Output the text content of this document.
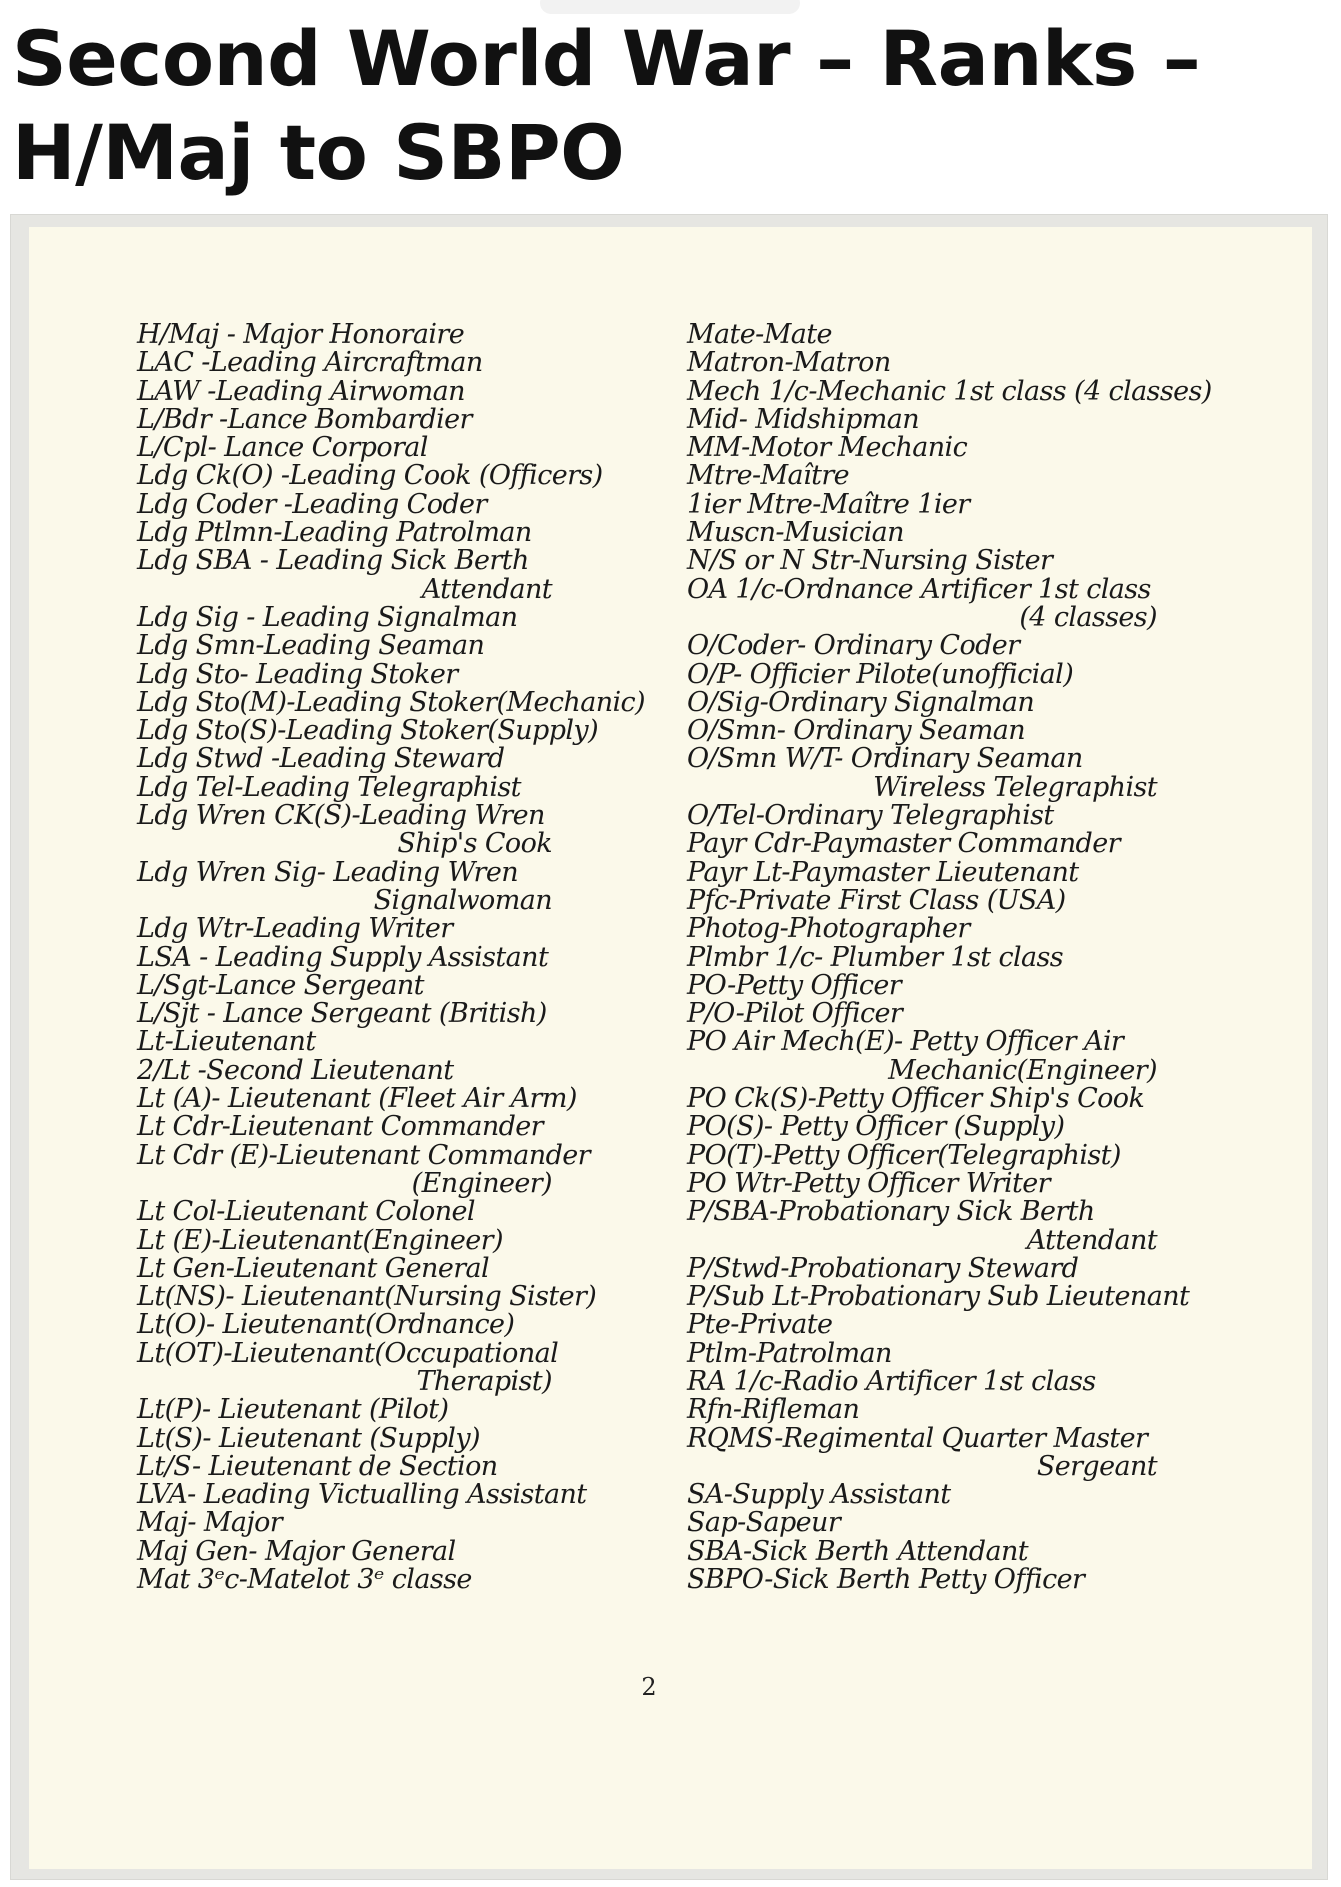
Second World War – Ranks – H/Maj to SBPO
H/Maj - Major Honoraire
LAC -Leading Aircraftman
LAW -Leading Airwoman
L/Bdr -Lance Bombardier
L/Cpl- Lance Corporal
Ldg Ck(O) -Leading Cook (Officers)
Ldg Coder -Leading Coder
Ldg Ptlmn-Leading Patrolman
Ldg SBA - Leading Sick Berth
Attendant
Ldg Sig - Leading Signalman
Ldg Smn-Leading Seaman
Ldg Sto- Leading Stoker
Ldg Sto(M)-Leading Stoker(Mechanic)
Ldg Sto(S)-Leading Stoker(Supply)
Ldg Stwd -Leading Steward
Ldg Tel-Leading Telegraphist
Ldg Wren CK(S)-Leading Wren
Ship's Cook
Ldg Wren Sig- Leading Wren
Signalwoman
Ldg Wtr-Leading Writer
LSA - Leading Supply Assistant
L/Sgt-Lance Sergeant
L/Sjt - Lance Sergeant (British)
Lt-Lieutenant
2/Lt -Second Lieutenant
Lt (A)- Lieutenant (Fleet Air Arm)
Lt Cdr-Lieutenant Commander
Lt Cdr (E)-Lieutenant Commander
(Engineer)
Lt Col-Lieutenant Colonel
Lt (E)-Lieutenant(Engineer)
Lt Gen-Lieutenant General
Lt(NS)- Lieutenant(Nursing Sister)
Lt(O)- Lieutenant(Ordnance)
Lt(OT)-Lieutenant(Occupational
Therapist)
Lt(P)- Lieutenant (Pilot)
Lt(S)- Lieutenant (Supply)
Lt/S- Lieutenant de Section
LVA- Leading Victualling Assistant
Maj- Major
Maj Gen- Major General
Mat 3ᵉc-Matelot 3ᵉ classe
Mate-Mate
Matron-Matron
Mech 1/c-Mechanic 1st class (4 classes)
Mid- Midshipman
MM-Motor Mechanic
Mtre-Maître
1ier Mtre-Maître 1ier
Muscn-Musician
N/S or N Str-Nursing Sister
OA 1/c-Ordnance Artificer 1st class
(4 classes)
O/Coder- Ordinary Coder
O/P- Officier Pilote(unofficial)
O/Sig-Ordinary Signalman
O/Smn- Ordinary Seaman
O/Smn W/T- Ordinary Seaman
Wireless Telegraphist
O/Tel-Ordinary Telegraphist
Payr Cdr-Paymaster Commander
Payr Lt-Paymaster Lieutenant
Pfc-Private First Class (USA)
Photog-Photographer
Plmbr 1/c- Plumber 1st class
PO-Petty Officer
P/O-Pilot Officer
PO Air Mech(E)- Petty Officer Air
Mechanic(Engineer)
PO Ck(S)-Petty Officer Ship's Cook
PO(S)- Petty Officer (Supply)
PO(T)-Petty Officer(Telegraphist)
PO Wtr-Petty Officer Writer
P/SBA-Probationary Sick Berth
Attendant
P/Stwd-Probationary Steward
P/Sub Lt-Probationary Sub Lieutenant
Pte-Private
Ptlm-Patrolman
RA 1/c-Radio Artificer 1st class
Rfn-Rifleman
RQMS-Regimental Quarter Master
Sergeant
SA-Supply Assistant
Sap-Sapeur
SBA-Sick Berth Attendant
SBPO-Sick Berth Petty Officer
2
